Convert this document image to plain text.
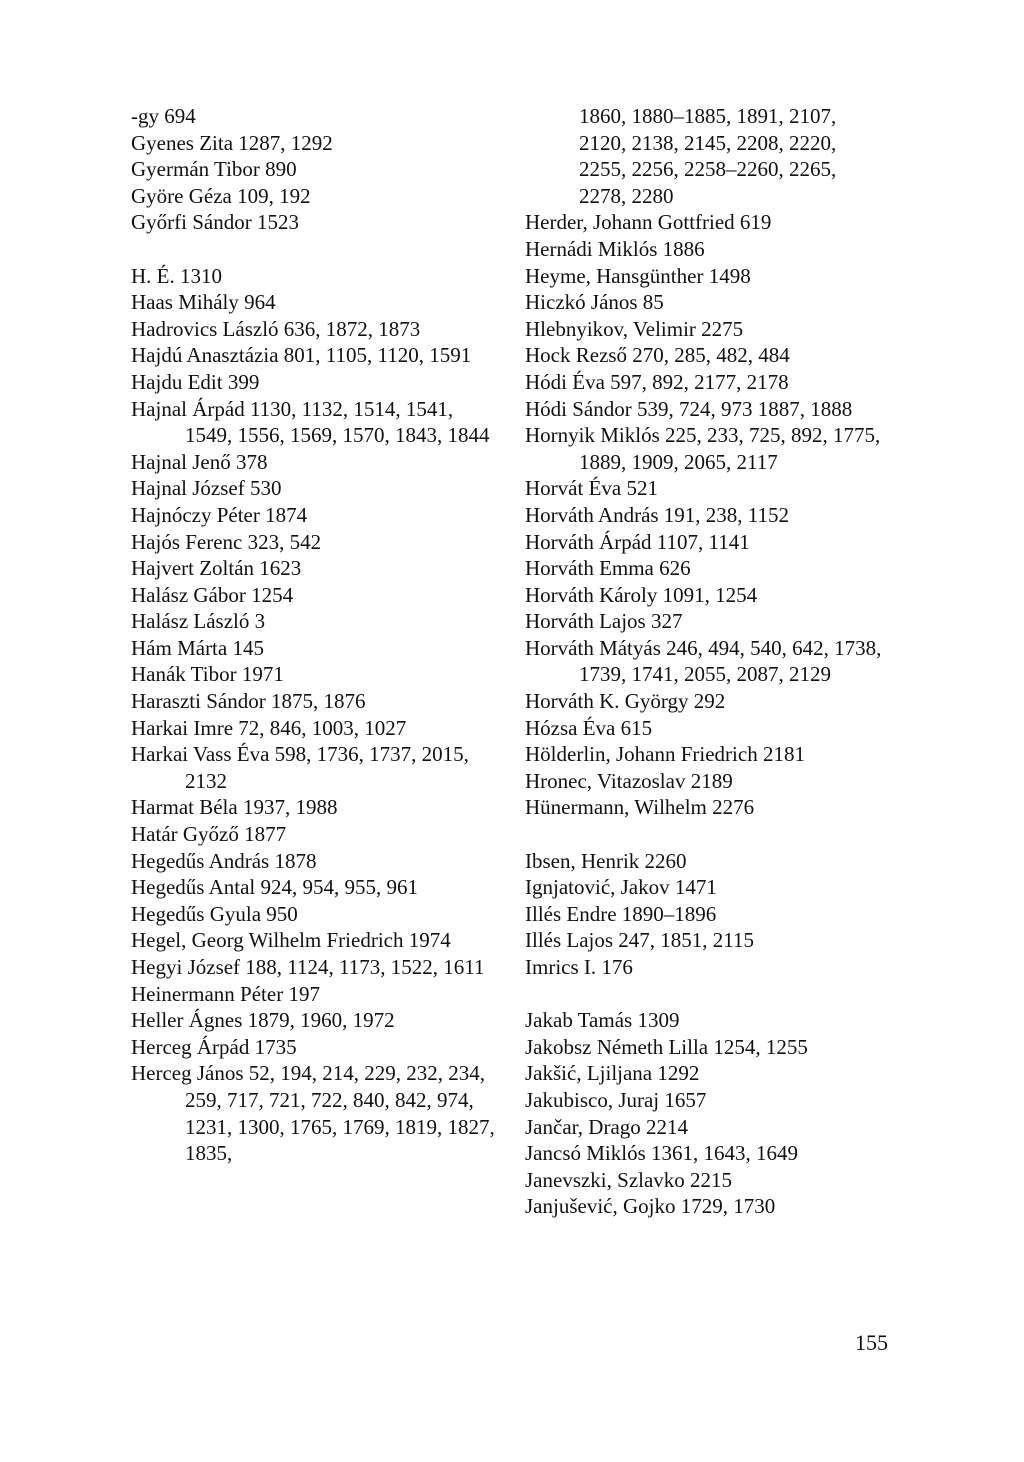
-gy 694
Gyenes Zita 1287, 1292
Gyermán Tibor 890
Györe Géza 109, 192
Győrfi Sándor 1523
H. É. 1310
Haas Mihály 964
Hadrovics László 636, 1872, 1873
Hajdú Anasztázia 801, 1105, 1120, 1591
Hajdu Edit 399
Hajnal Árpád 1130, 1132, 1514, 1541, 1549, 1556, 1569, 1570, 1843, 1844
Hajnal Jenő 378
Hajnal József 530
Hajnóczy Péter 1874
Hajós Ferenc 323, 542
Hajvert Zoltán 1623
Halász Gábor 1254
Halász László 3
Hám Márta 145
Hanák Tibor 1971
Haraszti Sándor 1875, 1876
Harkai Imre 72, 846, 1003, 1027
Harkai Vass Éva 598, 1736, 1737, 2015, 2132
Harmat Béla 1937, 1988
Határ Győző 1877
Hegedűs András 1878
Hegedűs Antal 924, 954, 955, 961
Hegedűs Gyula 950
Hegel, Georg Wilhelm Friedrich 1974
Hegyi József 188, 1124, 1173, 1522, 1611
Heinermann Péter 197
Heller Ágnes 1879, 1960, 1972
Herceg Árpád 1735
Herceg János 52, 194, 214, 229, 232, 234, 259, 717, 721, 722, 840, 842, 974, 1231, 1300, 1765, 1769, 1819, 1827, 1835,
1860, 1880–1885, 1891, 2107, 2120, 2138, 2145, 2208, 2220, 2255, 2256, 2258–2260, 2265, 2278, 2280
Herder, Johann Gottfried 619
Hernádi Miklós 1886
Heyme, Hansgünther 1498
Hiczkó János 85
Hlebnyikov, Velimir 2275
Hock Rezső 270, 285, 482, 484
Hódi Éva 597, 892, 2177, 2178
Hódi Sándor 539, 724, 973 1887, 1888
Hornyik Miklós 225, 233, 725, 892, 1775, 1889, 1909, 2065, 2117
Horvát Éva 521
Horváth András 191, 238, 1152
Horváth Árpád 1107, 1141
Horváth Emma 626
Horváth Károly 1091, 1254
Horváth Lajos 327
Horváth Mátyás 246, 494, 540, 642, 1738, 1739, 1741, 2055, 2087, 2129
Horváth K. György 292
Hózsa Éva 615
Hölderlin, Johann Friedrich 2181
Hronec, Vitazoslav 2189
Hünermann, Wilhelm 2276
Ibsen, Henrik 2260
Ignjatović, Jakov 1471
Illés Endre 1890–1896
Illés Lajos 247, 1851, 2115
Imrics I. 176
Jakab Tamás 1309
Jakobsz Németh Lilla 1254, 1255
Jakšić, Ljiljana 1292
Jakubisco, Juraj 1657
Jančar, Drago 2214
Jancsó Miklós 1361, 1643, 1649
Janevszki, Szlavko 2215
Janjušević, Gojko 1729, 1730
155
